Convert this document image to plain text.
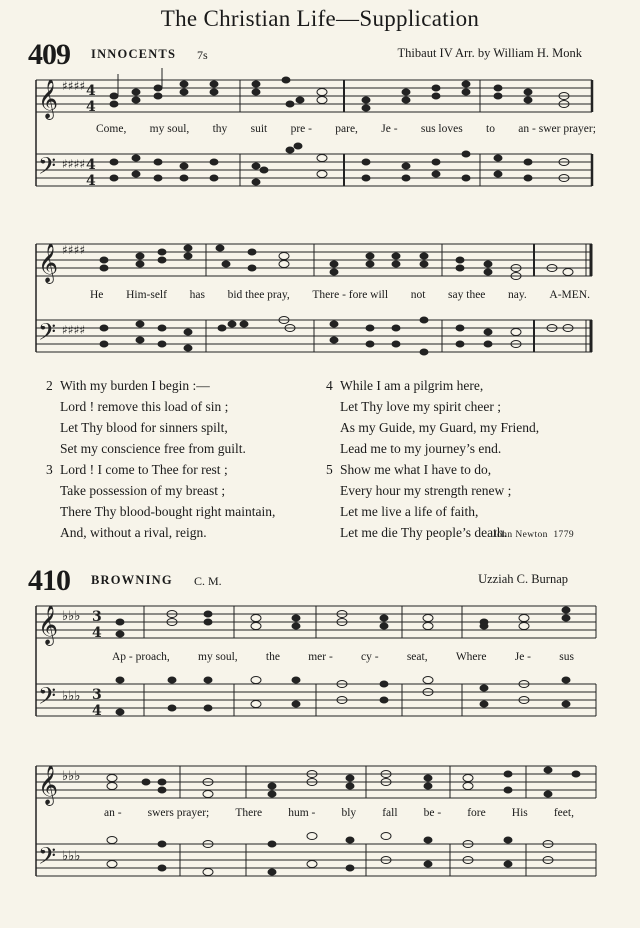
The Christian Life—Supplication
409 INNOCENTS 7s	Thibaut IV Arr. by William H. Monk
𝄞
𝄢
♯♯♯♯
♯♯♯♯
4
4
4
4
Come, my soul, thy suit pre - pare, Je - sus loves to an - swer prayer;
𝄞
𝄢
♯♯♯♯
♯♯♯♯
He Him-self has bid thee pray, There - fore will not say thee nay. A-MEN.
2 With my burden I begin :—
Lord ! remove this load of sin ;
Let Thy blood for sinners spilt,
Set my conscience free from guilt.
4 While I am a pilgrim here,
Let Thy love my spirit cheer ;
As my Guide, my Guard, my Friend,
Lead me to my journey’s end.
3 Lord ! I come to Thee for rest ;
Take possession of my breast ;
There Thy blood-bought right maintain,
And, without a rival, reign.
5 Show me what I have to do,
Every hour my strength renew ;
Let me live a life of faith,
Let me die Thy people’s death.
John Newton 1779
410 BROWNING C. M.	Uzziah C. Burnap
𝄞
𝄢
♭♭♭
♭♭♭
3
4
3
4
Ap - proach, my soul, the mer - cy - seat, Where Je - sus
𝄞
𝄢
♭♭♭
♭♭♭
an - swers prayer; There hum - bly fall be - fore His feet,
